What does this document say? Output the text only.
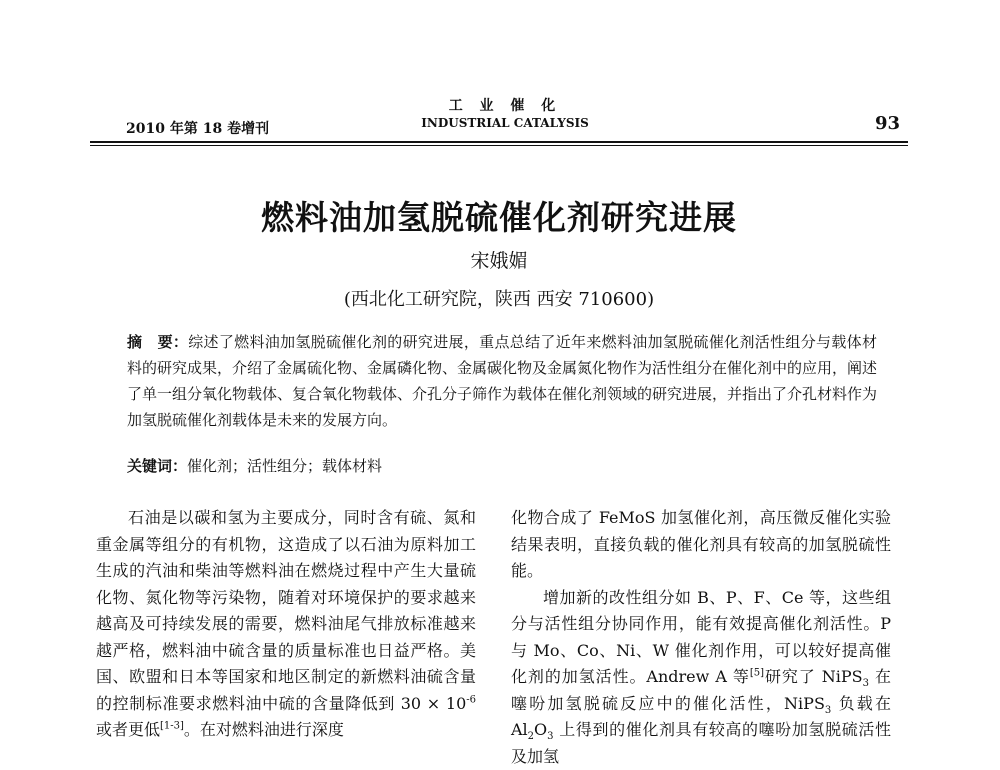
2010 年第 18 卷增刊
工 业 催 化
INDUSTRIAL CATALYSIS	93
燃料油加氢脱硫催化剂研究进展
宋娥媚
(西北化工研究院，陕西 西安 710600)
摘　要：综述了燃料油加氢脱硫催化剂的研究进展，重点总结了近年来燃料油加氢脱硫催化剂活性组分与载体材料的研究成果，介绍了金属硫化物、金属磷化物、金属碳化物及金属氮化物作为活性组分在催化剂中的应用，阐述了单一组分氧化物载体、复合氧化物载体、介孔分子筛作为载体在催化剂领域的研究进展，并指出了介孔材料作为加氢脱硫催化剂载体是未来的发展方向。
关键词：催化剂；活性组分；载体材料

石油是以碳和氢为主要成分，同时含有硫、氮和重金属等组分的有机物，这造成了以石油为原料加工生成的汽油和柴油等燃料油在燃烧过程中产生大量硫化物、氮化物等污染物，随着对环境保护的要求越来越高及可持续发展的需要，燃料油尾气排放标准越来越严格，燃料油中硫含量的质量标准也日益严格。美国、欧盟和日本等国家和地区制定的新燃料油硫含量的控制标准要求燃料油中硫的含量降低到 $30 \times 10^{-6}$或者更低[1-3]。在对燃料油进行深度

化物合成了 FeMoS 加氢催化剂，高压微反催化实验结果表明，直接负载的催化剂具有较高的加氢脱硫性能。

增加新的改性组分如 B、P、F、Ce 等，这些组分与活性组分协同作用，能有效提高催化剂活性。P 与 Mo、Co、Ni、W 催化剂作用，可以较好提高催化剂的加氢活性。Andrew A 等[5]研究了 NiPS$_3$ 在噻吩加氢脱硫反应中的催化活性，NiPS$_3$ 负载在 $Al_2O_3$ 上得到的催化剂具有较高的噻吩加氢脱硫活性及加氢
